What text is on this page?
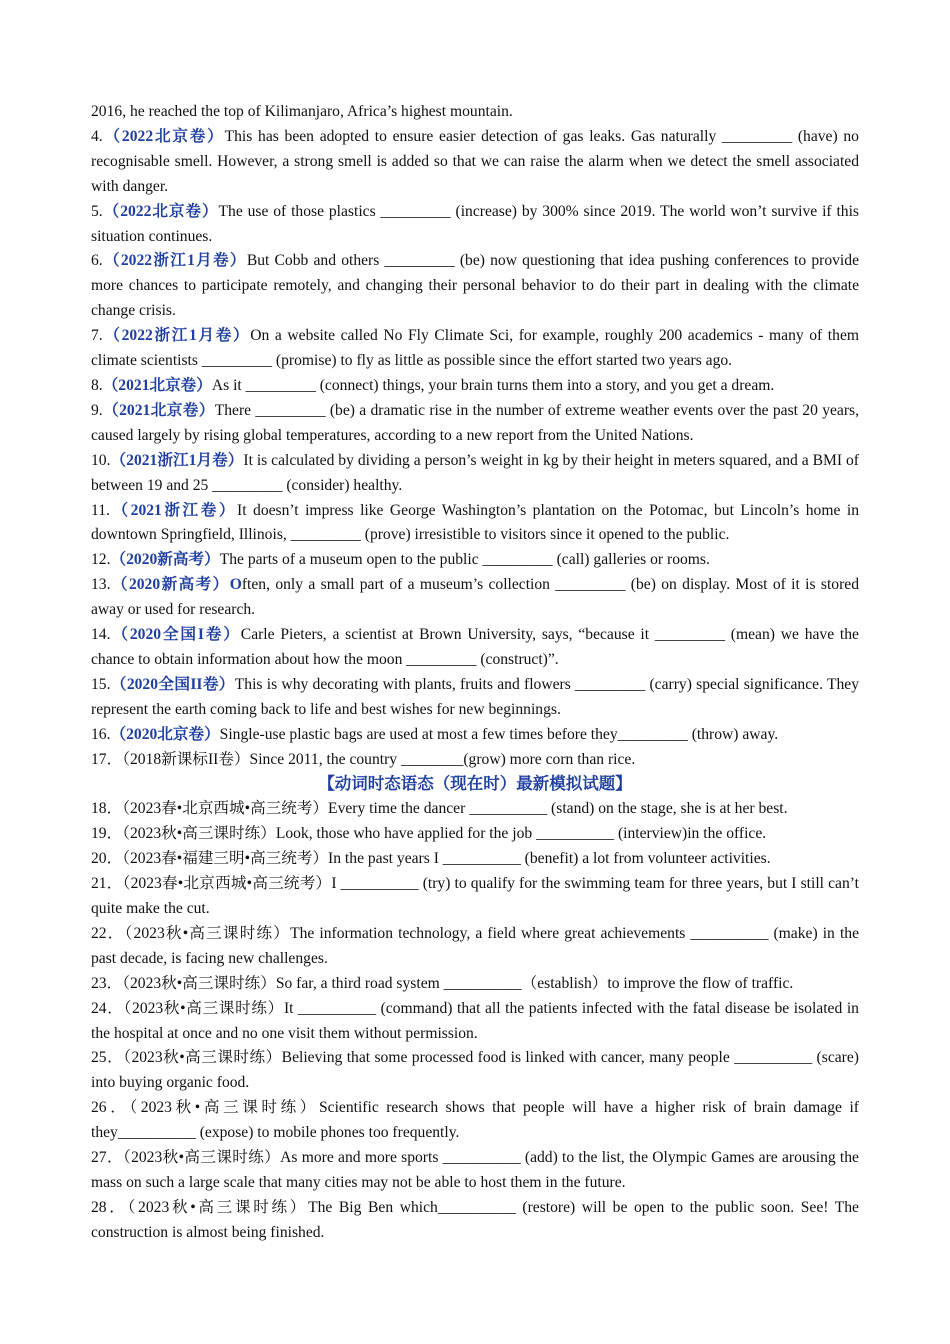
2016, he reached the top of Kilimanjaro, Africa’s highest mountain.

4.（2022北京卷）This has been adopted to ensure easier detection of gas leaks. Gas naturally _________ (have) no recognisable smell. However, a strong smell is added so that we can raise the alarm when we detect the smell associated with danger.

5.（2022北京卷）The use of those plastics _________ (increase) by 300% since 2019. The world won’t survive if this situation continues.

6.（2022浙江1月卷）But Cobb and others _________ (be) now questioning that idea pushing conferences to provide more chances to participate remotely, and changing their personal behavior to do their part in dealing with the climate change crisis.

7.（2022浙江1月卷）On a website called No Fly Climate Sci, for example, roughly 200 academics - many of them climate scientists _________ (promise) to fly as little as possible since the effort started two years ago.

8.（2021北京卷）As it _________ (connect) things, your brain turns them into a story, and you get a dream.

9.（2021北京卷）There _________ (be) a dramatic rise in the number of extreme weather events over the past 20 years, caused largely by rising global temperatures, according to a new report from the United Nations.

10.（2021浙江1月卷）It is calculated by dividing a person’s weight in kg by their height in meters squared, and a BMI of between 19 and 25 _________ (consider) healthy.

11.（2021浙江卷）It doesn’t impress like George Washington’s plantation on the Potomac, but Lincoln’s home in downtown Springfield, Illinois, _________ (prove) irresistible to visitors since it opened to the public.

12.（2020新高考）The parts of a museum open to the public _________ (call) galleries or rooms.

13.（2020新高考）Often, only a small part of a museum’s collection _________ (be) on display. Most of it is stored away or used for research.

14.（2020全国I卷）Carle Pieters, a scientist at Brown University, says, “because it _________ (mean) we have the chance to obtain information about how the moon _________ (construct)”.

15.（2020全国II卷）This is why decorating with plants, fruits and flowers _________ (carry) special significance. They represent the earth coming back to life and best wishes for new beginnings.

16.（2020北京卷）Single-use plastic bags are used at most a few times before they_________ (throw) away.

17．（2018新课标II卷）Since 2011, the country ________(grow) more corn than rice.

【动词时态语态（现在时）最新模拟试题】

18．（2023春•北京西城•高三统考）Every time the dancer __________ (stand) on the stage, she is at her best.

19．（2023秋•高三课时练）Look, those who have applied for the job __________ (interview)in the office.

20．（2023春•福建三明•高三统考）In the past years I __________ (benefit) a lot from volunteer activities.

21．（2023春•北京西城•高三统考）I __________ (try) to qualify for the swimming team for three years, but I still can’t quite make the cut.

22．（2023秋•高三课时练）The information technology, a field where great achievements __________ (make) in the past decade, is facing new challenges.

23．（2023秋•高三课时练）So far, a third road system __________（establish）to improve the flow of traffic.

24．（2023秋•高三课时练）It __________ (command) that all the patients infected with the fatal disease be isolated in the hospital at once and no one visit them without permission.

25．（2023秋•高三课时练）Believing that some processed food is linked with cancer, many people __________ (scare) into buying organic food.

26．（2023秋•高三课时练）Scientific research shows that people will have a higher risk of brain damage if they__________ (expose) to mobile phones too frequently.

27．（2023秋•高三课时练）As more and more sports __________ (add) to the list, the Olympic Games are arousing the mass on such a large scale that many cities may not be able to host them in the future.

28．（2023秋•高三课时练）The Big Ben which__________ (restore) will be open to the public soon. See! The construction is almost being finished.
